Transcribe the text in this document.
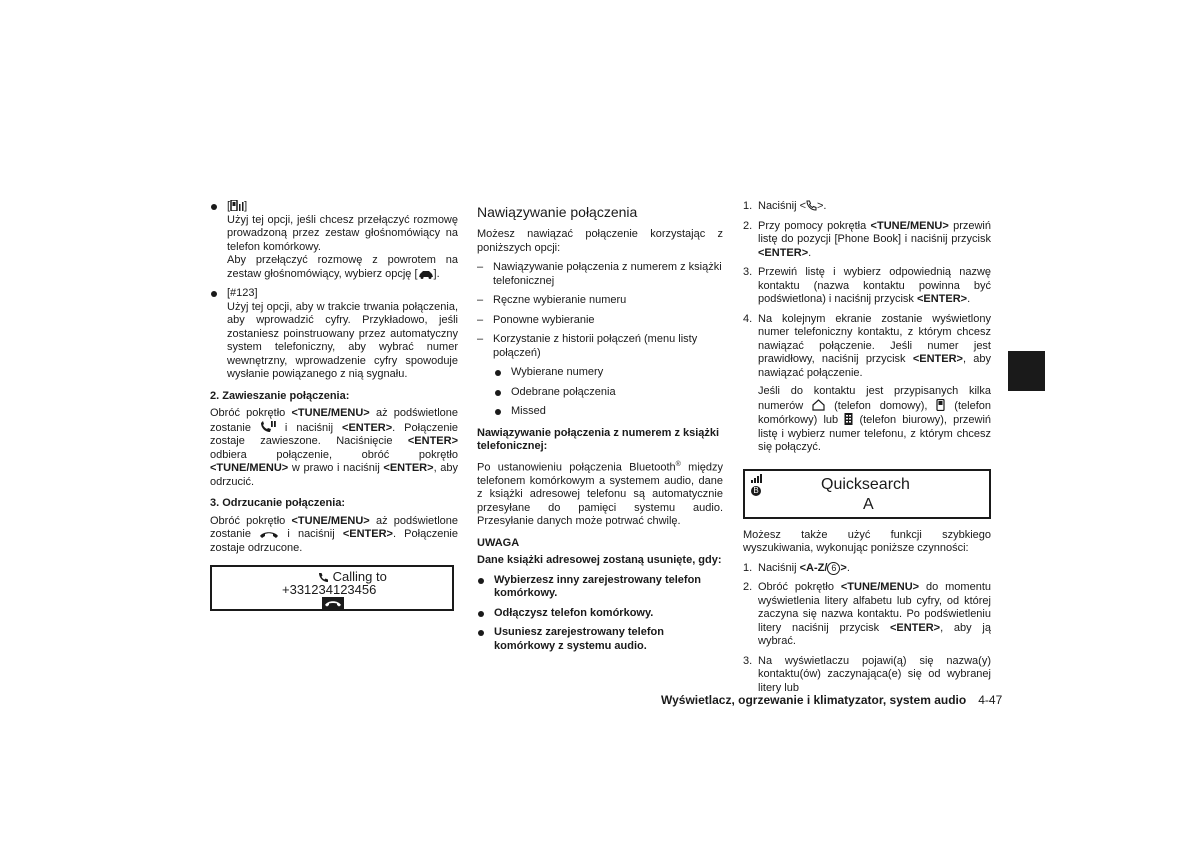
[ ]

Użyj tej opcji, jeśli chcesz przełączyć rozmowę prowadzoną przez zestaw głośnomówiący na telefon komórkowy.

Aby przełączyć rozmowę z powrotem na zestaw głośnomówiący, wybierz opcję [ ].

[#123]

Użyj tej opcji, aby w trakcie trwania połączenia, aby wprowadzić cyfry. Przykładowo, jeśli zostaniesz poinstruowany przez automatyczny system telefoniczny, aby wybrać numer wewnętrzny, wprowadzenie cyfry spowoduje wysłanie powiązanego z nią sygnału.

2. Zawieszanie połączenia:

Obróć pokrętło <TUNE/MENU> aż podświetlone zostanie  i naciśnij <ENTER>. Połączenie zostaje zawieszone. Naciśnięcie <ENTER> odbiera połączenie, obróć pokrętło <TUNE/MENU> w prawo i naciśnij <ENTER>, aby odrzucić.

3. Odrzucanie połączenia:

Obróć pokrętło <TUNE/MENU> aż podświetlone zostanie  i naciśnij <ENTER>. Połączenie zostaje odrzucone.

Calling to
+331234123456
Nawiązywanie połączenia

Możesz nawiązać połączenie korzystając z poniższych opcji:

– Nawiązywanie połączenia z numerem z książki telefonicznej
– Ręczne wybieranie numeru
– Ponowne wybieranie
– Korzystanie z historii połączeń (menu listy połączeń)
Wybierane numery
Odebrane połączenia
Missed
Nawiązywanie połączenia z numerem z książki telefonicznej:

Po ustanowieniu połączenia Bluetooth® między telefonem komórkowym a systemem audio, dane z książki adresowej telefonu są automatycznie przesyłane do pamięci systemu audio. Przesyłanie danych może potrwać chwilę.

UWAGA

Dane książki adresowej zostaną usunięte, gdy:

Wybierzesz inny zarejestrowany telefon komórkowy.
Odłączysz telefon komórkowy.
Usuniesz zarejestrowany telefon komórkowy z systemu audio.
1. Naciśnij < >.
2. Przy pomocy pokrętła <TUNE/MENU> przewiń listę do pozycji [Phone Book] i naciśnij przycisk <ENTER>.
3. Przewiń listę i wybierz odpowiednią nazwę kontaktu (nazwa kontaktu powinna być podświetlona) i naciśnij przycisk <ENTER>.
4. Na kolejnym ekranie zostanie wyświetlony numer telefoniczny kontaktu, z którym chcesz nawiązać połączenie. Jeśli numer jest prawidłowy, naciśnij przycisk <ENTER>, aby nawiązać połączenie.

Jeśli do kontaktu jest przypisanych kilka numerów  (telefon domowy),  (telefon komórkowy) lub  (telefon biurowy), przewiń listę i wybierz numer telefonu, z którym chcesz się połączyć.

B	Quicksearch
A

Możesz także użyć funkcji szybkiego wyszukiwania, wykonując poniższe czynności:

1. Naciśnij <A-Z/ 6 >.
2. Obróć pokrętło <TUNE/MENU> do momentu wyświetlenia litery alfabetu lub cyfry, od której zaczyna się nazwa kontaktu. Po podświetleniu litery naciśnij przycisk <ENTER>, aby ją wybrać.
3. Na wyświetlaczu pojawi(ą) się nazwa(y) kontaktu(ów) zaczynająca(e) się od wybranej litery lub
Wyświetlacz, ogrzewanie i klimatyzator, system audio 4-47
